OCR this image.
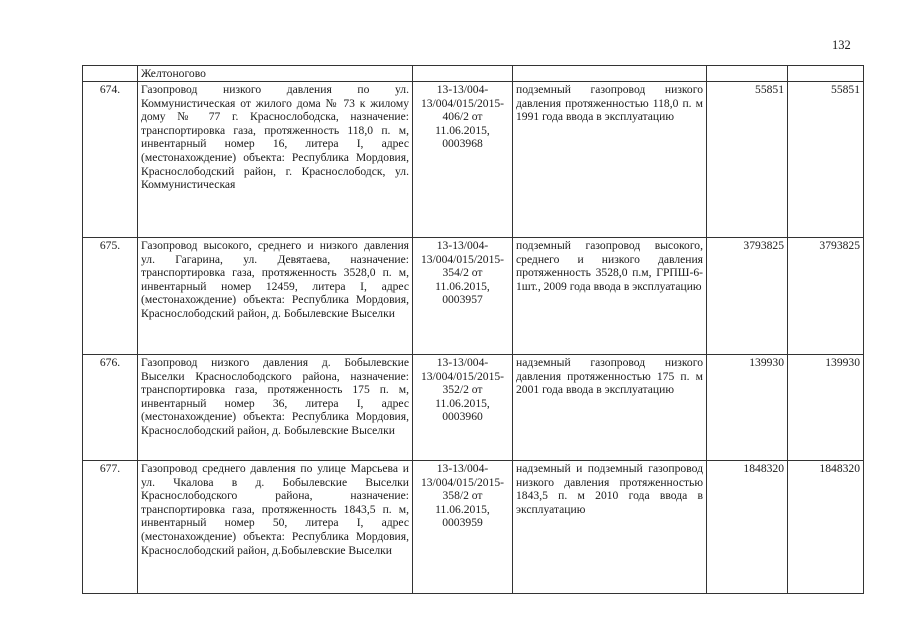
132
	Желтоногово				
674.	Газопровод низкого давления по ул. Коммунистическая от жилого дома № 73 к жилому дому № 77 г. Краснослободска, назначение: транспортировка газа, протяженность 118,0 п. м, инвентарный номер 16, литера I, адрес (местонахождение) объекта: Республика Мордовия, Краснослободский район, г. Краснослободск, ул. Коммунистическая	13-13/004-13/004/015/2015-406/2 от 11.06.2015, 0003968	подземный газопровод низкого давления протяженностью 118,0 п. м 1991 года ввода в эксплуатацию	55851	55851
675.	Газопровод высокого, среднего и низкого давления ул. Гагарина, ул. Девятаева, назначение: транспортировка газа, протяженность 3528,0 п. м, инвентарный номер 12459, литера I, адрес (местонахождение) объекта: Республика Мордовия, Краснослободский район, д. Бобылевские Выселки	13-13/004-13/004/015/2015-354/2 от 11.06.2015, 0003957	подземный газопровод высокого, среднего и низкого давления протяженность 3528,0 п.м, ГРПШ-6-1шт., 2009 года ввода в эксплуатацию	3793825	3793825
676.	Газопровод низкого давления д. Бобылевские Выселки Краснослободского района, назначение: транспортировка газа, протяженность 175 п. м, инвентарный номер 36, литера I, адрес (местонахождение) объекта: Республика Мордовия, Краснослободский район, д. Бобылевские Выселки	13-13/004-13/004/015/2015-352/2 от 11.06.2015, 0003960	надземный газопровод низкого давления протяженностью 175 п. м 2001 года ввода в эксплуатацию	139930	139930
677.	Газопровод среднего давления по улице Марсьева и ул. Чкалова в д. Бобылевские Выселки Краснослободского района, назначение: транспортировка газа, протяженность 1843,5 п. м, инвентарный номер 50, литера I, адрес (местонахождение) объекта: Республика Мордовия, Краснослободский район, д.Бобылевские Выселки	13-13/004-13/004/015/2015-358/2 от 11.06.2015, 0003959	надземный и подземный газопровод низкого давления протяженностью 1843,5 п. м 2010 года ввода в эксплуатацию	1848320	1848320
